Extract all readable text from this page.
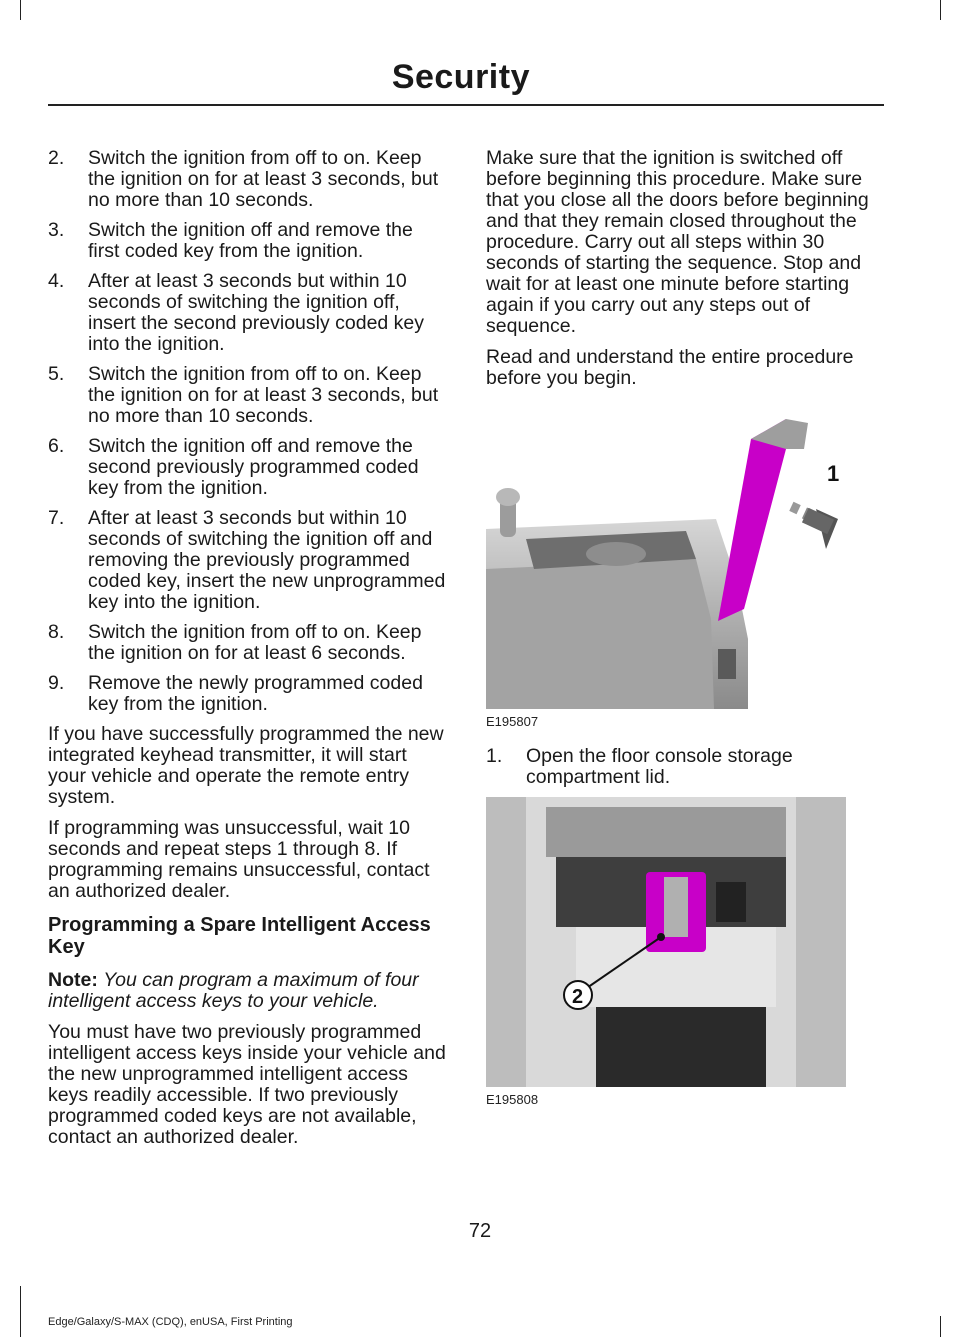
Security
2. Switch the ignition from off to on. Keep the ignition on for at least 3 seconds, but no more than 10 seconds.
3. Switch the ignition off and remove the first coded key from the ignition.
4. After at least 3 seconds but within 10 seconds of switching the ignition off, insert the second previously coded key into the ignition.
5. Switch the ignition from off to on. Keep the ignition on for at least 3 seconds, but no more than 10 seconds.
6. Switch the ignition off and remove the second previously programmed coded key from the ignition.
7. After at least 3 seconds but within 10 seconds of switching the ignition off and removing the previously programmed coded key, insert the new unprogrammed key into the ignition.
8. Switch the ignition from off to on. Keep the ignition on for at least 6 seconds.
9. Remove the newly programmed coded key from the ignition.

If you have successfully programmed the new integrated keyhead transmitter, it will start your vehicle and operate the remote entry system.

If programming was unsuccessful, wait 10 seconds and repeat steps 1 through 8. If programming remains unsuccessful, contact an authorized dealer.

Programming a Spare Intelligent Access Key

Note: You can program a maximum of four intelligent access keys to your vehicle.

You must have two previously programmed intelligent access keys inside your vehicle and the new unprogrammed intelligent access keys readily accessible. If two previously programmed coded keys are not available, contact an authorized dealer.

Make sure that the ignition is switched off before beginning this procedure. Make sure that you close all the doors before beginning and that they remain closed throughout the procedure. Carry out all steps within 30 seconds of starting the sequence. Stop and wait for at least one minute before starting again if you carry out any steps out of sequence.

Read and understand the entire procedure before you begin.

1
E195807
1. Open the floor console storage compartment lid.
2
E195808
72
Edge/Galaxy/S-MAX (CDQ), enUSA, First Printing
